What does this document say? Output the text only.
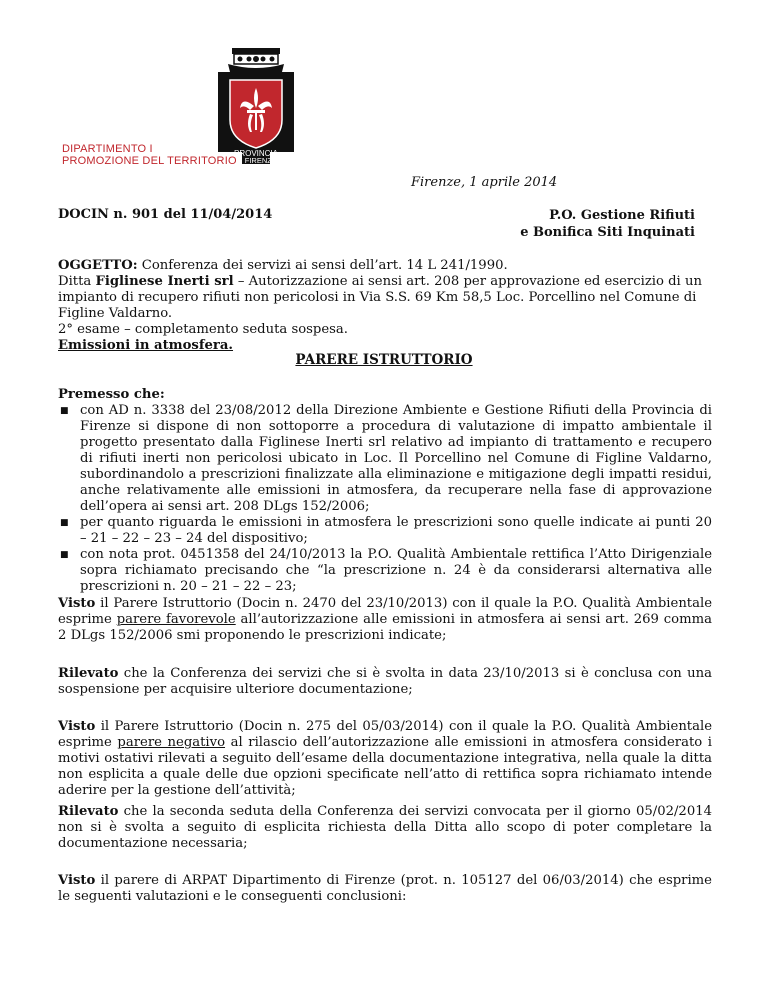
PROVINCIA
DI FIRENZE
DIPARTIMENTO I
PROMOZIONE DEL TERRITORIO
Firenze, 1 aprile 2014
DOCIN n. 901 del 11/04/2014	P.O. Gestione Rifiuti
e Bonifica Siti Inquinati
OGGETTO: Conferenza dei servizi ai sensi dell’art. 14 L 241/1990.
Ditta Figlinese Inerti srl – Autorizzazione ai sensi art. 208 per approvazione ed esercizio di un impianto di recupero rifiuti non pericolosi in Via S.S. 69 Km 58,5 Loc. Porcellino nel Comune di Figline Valdarno.
2° esame – completamento seduta sospesa.
Emissioni in atmosfera.
PARERE ISTRUTTORIO
Premesso che:
■ con AD n. 3338 del 23/08/2012 della Direzione Ambiente e Gestione Rifiuti della Provincia di Firenze si dispone di non sottoporre a procedura di valutazione di impatto ambientale il progetto presentato dalla Figlinese Inerti srl relativo ad impianto di trattamento e recupero di rifiuti inerti non pericolosi ubicato in Loc. Il Porcellino nel Comune di Figline Valdarno, subordinandolo a prescrizioni finalizzate alla eliminazione e mitigazione degli impatti residui, anche relativamente alle emissioni in atmosfera, da recuperare nella fase di approvazione dell’opera ai sensi art. 208 DLgs 152/2006;
■ per quanto riguarda le emissioni in atmosfera le prescrizioni sono quelle indicate ai punti 20 – 21 – 22 – 23 – 24 del dispositivo;
■ con nota prot. 0451358 del 24/10/2013 la P.O. Qualità Ambientale rettifica l’Atto Dirigenziale sopra richiamato precisando che “la prescrizione n. 24 è da considerarsi alternativa alle prescrizioni n. 20 – 21 – 22 – 23;
Visto il Parere Istruttorio (Docin n. 2470 del 23/10/2013) con il quale la P.O. Qualità Ambientale esprime parere favorevole all’autorizzazione alle emissioni in atmosfera ai sensi art. 269 comma 2 DLgs 152/2006 smi proponendo le prescrizioni indicate;
Rilevato che la Conferenza dei servizi che si è svolta in data 23/10/2013 si è conclusa con una sospensione per acquisire ulteriore documentazione;
Visto il Parere Istruttorio (Docin n. 275 del 05/03/2014) con il quale la P.O. Qualità Ambientale esprime parere negativo al rilascio dell’autorizzazione alle emissioni in atmosfera considerato i motivi ostativi rilevati a seguito dell’esame della documentazione integrativa, nella quale la ditta non esplicita a quale delle due opzioni specificate nell’atto di rettifica sopra richiamato intende aderire per la gestione dell’attività;
Rilevato che la seconda seduta della Conferenza dei servizi convocata per il giorno 05/02/2014 non si è svolta a seguito di esplicita richiesta della Ditta allo scopo di poter completare la documentazione necessaria;
Visto il parere di ARPAT Dipartimento di Firenze (prot. n. 105127 del 06/03/2014) che esprime le seguenti valutazioni e le conseguenti conclusioni:
